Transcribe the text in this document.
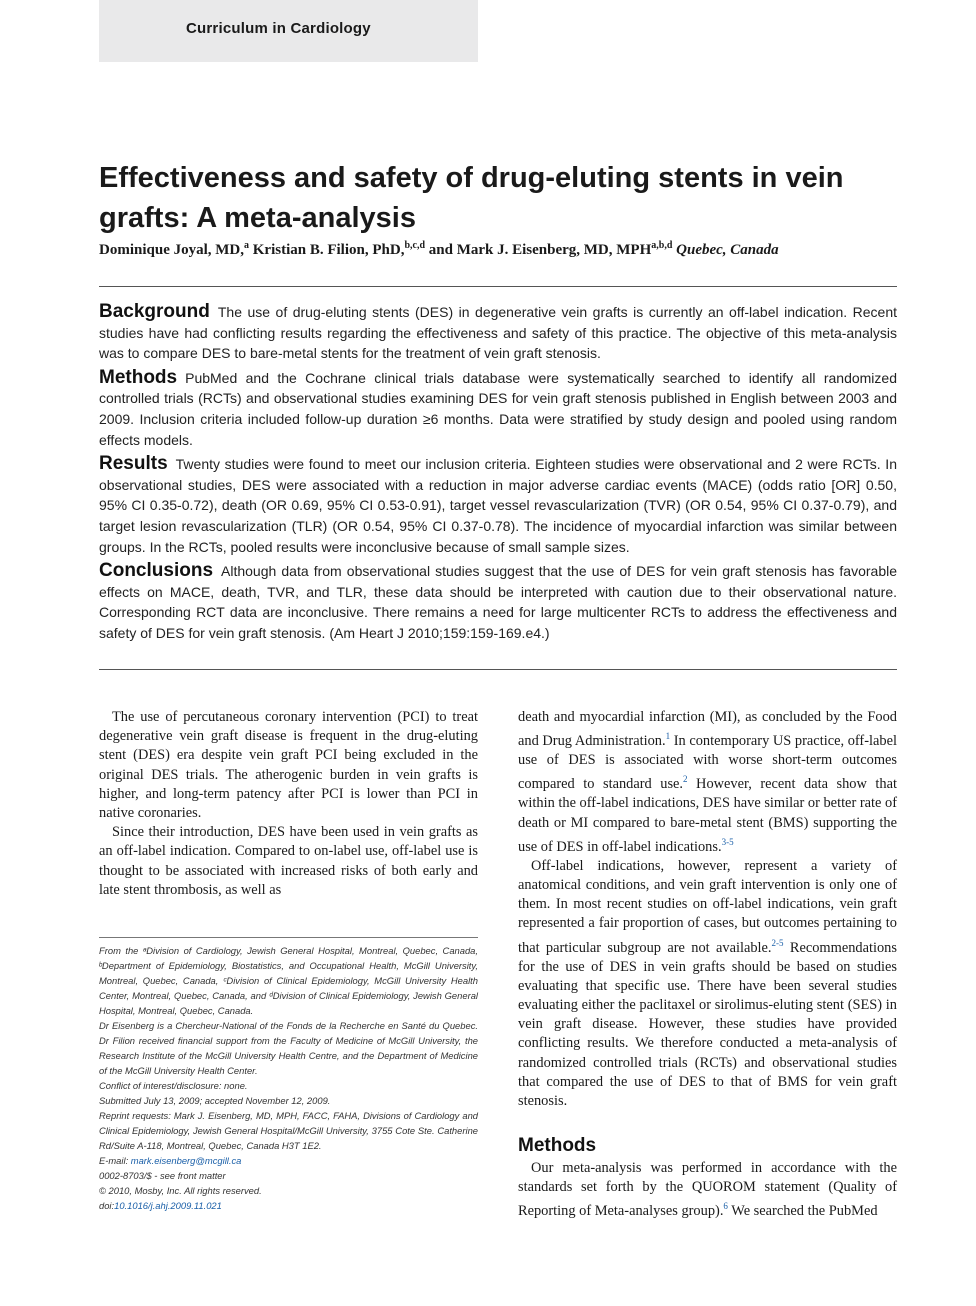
Curriculum in Cardiology
Effectiveness and safety of drug-eluting stents in vein grafts: A meta-analysis
Dominique Joyal, MD,$^a$ Kristian B. Filion, PhD,$^{b,c,d}$ and Mark J. Eisenberg, MD, MPH$^{a,b,d}$ Quebec, Canada

Background The use of drug-eluting stents (DES) in degenerative vein grafts is currently an off-label indication. Recent studies have had conflicting results regarding the effectiveness and safety of this practice. The objective of this meta-analysis was to compare DES to bare-metal stents for the treatment of vein graft stenosis.

Methods PubMed and the Cochrane clinical trials database were systematically searched to identify all randomized controlled trials (RCTs) and observational studies examining DES for vein graft stenosis published in English between 2003 and 2009. Inclusion criteria included follow-up duration ≥6 months. Data were stratified by study design and pooled using random effects models.

Results Twenty studies were found to meet our inclusion criteria. Eighteen studies were observational and 2 were RCTs. In observational studies, DES were associated with a reduction in major adverse cardiac events (MACE) (odds ratio [OR] 0.50, 95% CI 0.35-0.72), death (OR 0.69, 95% CI 0.53-0.91), target vessel revascularization (TVR) (OR 0.54, 95% CI 0.37-0.79), and target lesion revascularization (TLR) (OR 0.54, 95% CI 0.37-0.78). The incidence of myocardial infarction was similar between groups. In the RCTs, pooled results were inconclusive because of small sample sizes.

Conclusions Although data from observational studies suggest that the use of DES for vein graft stenosis has favorable effects on MACE, death, TVR, and TLR, these data should be interpreted with caution due to their observational nature. Corresponding RCT data are inconclusive. There remains a need for large multicenter RCTs to address the effectiveness and safety of DES for vein graft stenosis. (Am Heart J 2010;159:159-169.e4.)

The use of percutaneous coronary intervention (PCI) to treat degenerative vein graft disease is frequent in the drug-eluting stent (DES) era despite vein graft PCI being excluded in the original DES trials. The atherogenic burden in vein grafts is higher, and long-term patency after PCI is lower than PCI in native coronaries.

Since their introduction, DES have been used in vein grafts as an off-label indication. Compared to on-label use, off-label use is thought to be associated with increased risks of both early and late stent thrombosis, as well as

From the ᵃDivision of Cardiology, Jewish General Hospital, Montreal, Quebec, Canada, ᵇDepartment of Epidemiology, Biostatistics, and Occupational Health, McGill University, Montreal, Quebec, Canada, ᶜDivision of Clinical Epidemiology, McGill University Health Center, Montreal, Quebec, Canada, and ᵈDivision of Clinical Epidemiology, Jewish General Hospital, Montreal, Quebec, Canada.

Dr Eisenberg is a Chercheur-National of the Fonds de la Recherche en Santé du Quebec. Dr Filion received financial support from the Faculty of Medicine of McGill University, the Research Institute of the McGill University Health Centre, and the Department of Medicine of the McGill University Health Center.

Conflict of interest/disclosure: none.

Submitted July 13, 2009; accepted November 12, 2009.

Reprint requests: Mark J. Eisenberg, MD, MPH, FACC, FAHA, Divisions of Cardiology and Clinical Epidemiology, Jewish General Hospital/McGill University, 3755 Cote Ste. Catherine Rd/Suite A-118, Montreal, Quebec, Canada H3T 1E2.

E-mail: mark.eisenberg@mcgill.ca

0002-8703/$ - see front matter

© 2010, Mosby, Inc. All rights reserved.

doi:10.1016/j.ahj.2009.11.021

death and myocardial infarction (MI), as concluded by the Food and Drug Administration.$^1$ In contemporary US practice, off-label use of DES is associated with worse short-term outcomes compared to standard use.$^2$ However, recent data show that within the off-label indications, DES have similar or better rate of death or MI compared to bare-metal stent (BMS) supporting the use of DES in off-label indications.$^{3-5}$

Off-label indications, however, represent a variety of anatomical conditions, and vein graft intervention is only one of them. In most recent studies on off-label indications, vein graft represented a fair proportion of cases, but outcomes pertaining to that particular subgroup are not available.$^{2-5}$ Recommendations for the use of DES in vein grafts should be based on studies evaluating that specific use. There have been several studies evaluating either the paclitaxel or sirolimus-eluting stent (SES) in vein graft disease. However, these studies have provided conflicting results. We therefore conducted a meta-analysis of randomized controlled trials (RCTs) and observational studies that compared the use of DES to that of BMS for vein graft stenosis.

Methods

Our meta-analysis was performed in accordance with the standards set forth by the QUOROM statement (Quality of Reporting of Meta-analyses group).$^6$ We searched the PubMed
